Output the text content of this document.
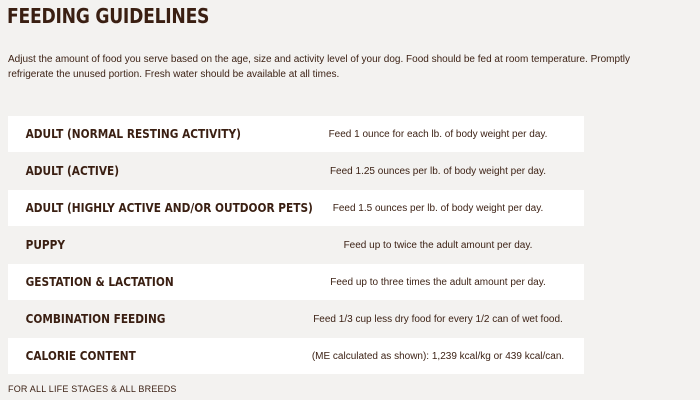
FEEDING GUIDELINES

Adjust the amount of food you serve based on the age, size and activity level of your dog. Food should be fed at room temperature. Promptly refrigerate the unused portion. Fresh water should be available at all times.

ADULT (NORMAL RESTING ACTIVITY)	Feed 1 ounce for each lb. of body weight per day.
ADULT (ACTIVE)	Feed 1.25 ounces per lb. of body weight per day.
ADULT (HIGHLY ACTIVE AND/OR OUTDOOR PETS)	Feed 1.5 ounces per lb. of body weight per day.
PUPPY	Feed up to twice the adult amount per day.
GESTATION & LACTATION	Feed up to three times the adult amount per day.
COMBINATION FEEDING	Feed 1/3 cup less dry food for every 1/2 can of wet food.
CALORIE CONTENT	(ME calculated as shown): 1,239 kcal/kg or 439 kcal/can.

FOR ALL LIFE STAGES & ALL BREEDS
